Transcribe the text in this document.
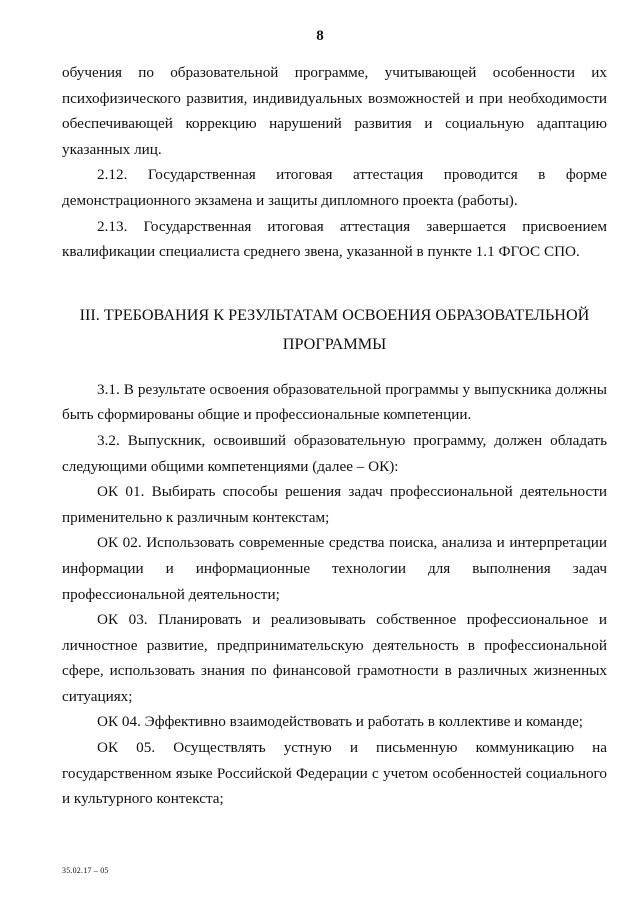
8

обучения по образовательной программе, учитывающей особенности их психофизического развития, индивидуальных возможностей и при необходимости обеспечивающей коррекцию нарушений развития и социальную адаптацию указанных лиц.

2.12. Государственная итоговая аттестация проводится в форме демонстрационного экзамена и защиты дипломного проекта (работы).

2.13. Государственная итоговая аттестация завершается присвоением квалификации специалиста среднего звена, указанной в пункте 1.1 ФГОС СПО.

III. ТРЕБОВАНИЯ К РЕЗУЛЬТАТАМ ОСВОЕНИЯ ОБРАЗОВАТЕЛЬНОЙ ПРОГРАММЫ

3.1. В результате освоения образовательной программы у выпускника должны быть сформированы общие и профессиональные компетенции.

3.2. Выпускник, освоивший образовательную программу, должен обладать следующими общими компетенциями (далее – ОК):

ОК 01. Выбирать способы решения задач профессиональной деятельности применительно к различным контекстам;

ОК 02. Использовать современные средства поиска, анализа и интерпретации информации и информационные технологии для выполнения задач профессиональной деятельности;

ОК 03. Планировать и реализовывать собственное профессиональное и личностное развитие, предпринимательскую деятельность в профессиональной сфере, использовать знания по финансовой грамотности в различных жизненных ситуациях;

ОК 04. Эффективно взаимодействовать и работать в коллективе и команде;

ОК 05. Осуществлять устную и письменную коммуникацию на государственном языке Российской Федерации с учетом особенностей социального и культурного контекста;

35.02.17 – 05
